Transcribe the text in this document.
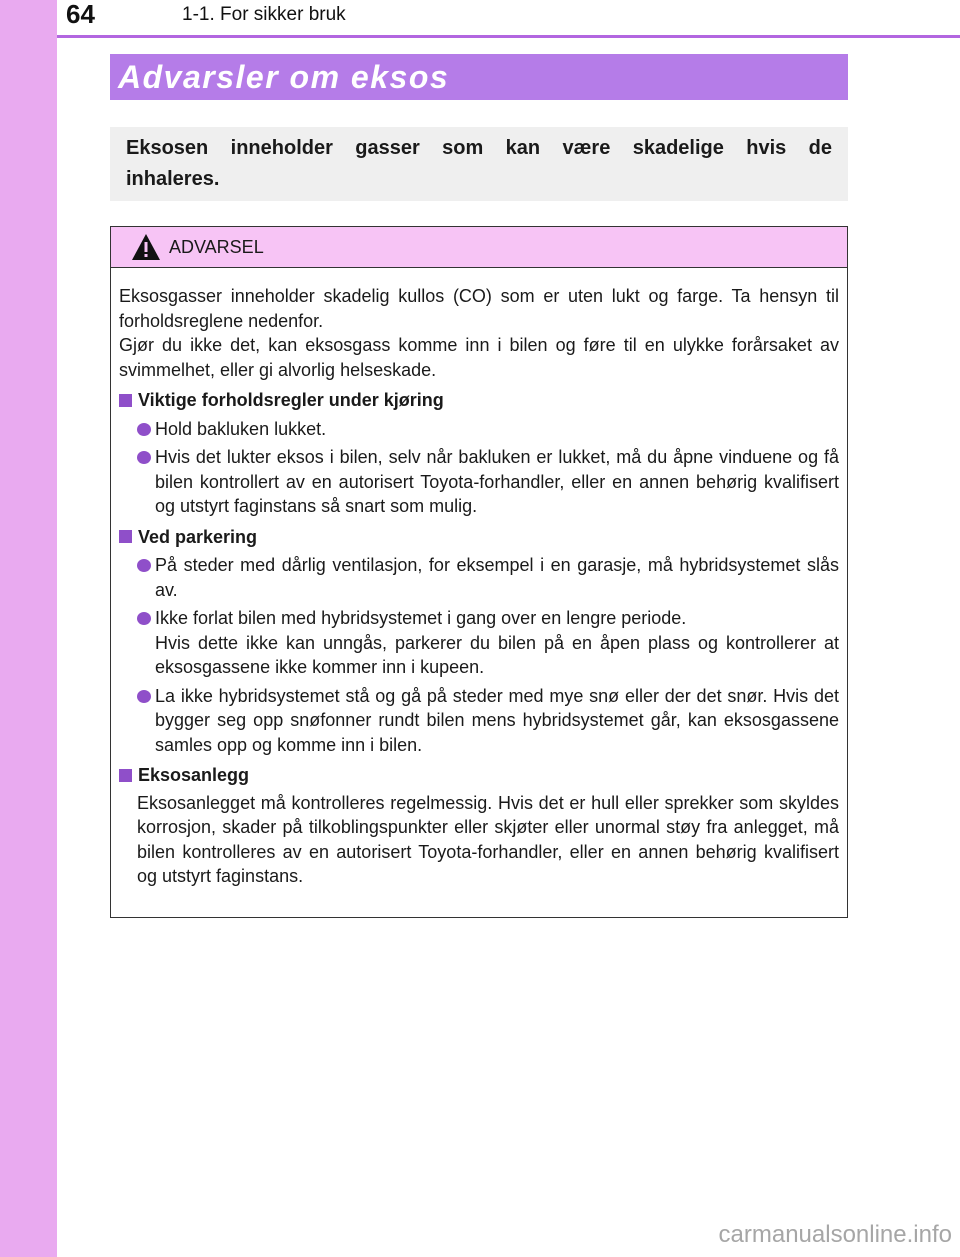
64	1-1. For sikker bruk
Advarsler om eksos
Eksosen inneholder gasser som kan være skadelige hvis de inhaleres.
ADVARSEL

Eksosgasser inneholder skadelig kullos (CO) som er uten lukt og farge. Ta hensyn til forholdsreglene nedenfor.

Gjør du ikke det, kan eksosgass komme inn i bilen og føre til en ulykke forårsaket av svimmelhet, eller gi alvorlig helseskade.

Viktige forholdsregler under kjøring
Hold bakluken lukket.
Hvis det lukter eksos i bilen, selv når bakluken er lukket, må du åpne vinduene og få bilen kontrollert av en autorisert Toyota-forhandler, eller en annen behørig kvalifisert og utstyrt faginstans så snart som mulig.
Ved parkering
På steder med dårlig ventilasjon, for eksempel i en garasje, må hybridsystemet slås av.
Ikke forlat bilen med hybridsystemet i gang over en lengre periode.
Hvis dette ikke kan unngås, parkerer du bilen på en åpen plass og kontrollerer at eksosgassene ikke kommer inn i kupeen.
La ikke hybridsystemet stå og gå på steder med mye snø eller der det snør. Hvis det bygger seg opp snøfonner rundt bilen mens hybridsystemet går, kan eksosgassene samles opp og komme inn i bilen.
Eksosanlegg

Eksosanlegget må kontrolleres regelmessig. Hvis det er hull eller sprekker som skyldes korrosjon, skader på tilkoblingspunkter eller skjøter eller unormal støy fra anlegget, må bilen kontrolleres av en autorisert Toyota-forhandler, eller en annen behørig kvalifisert og utstyrt faginstans.

carmanualsonline.info
